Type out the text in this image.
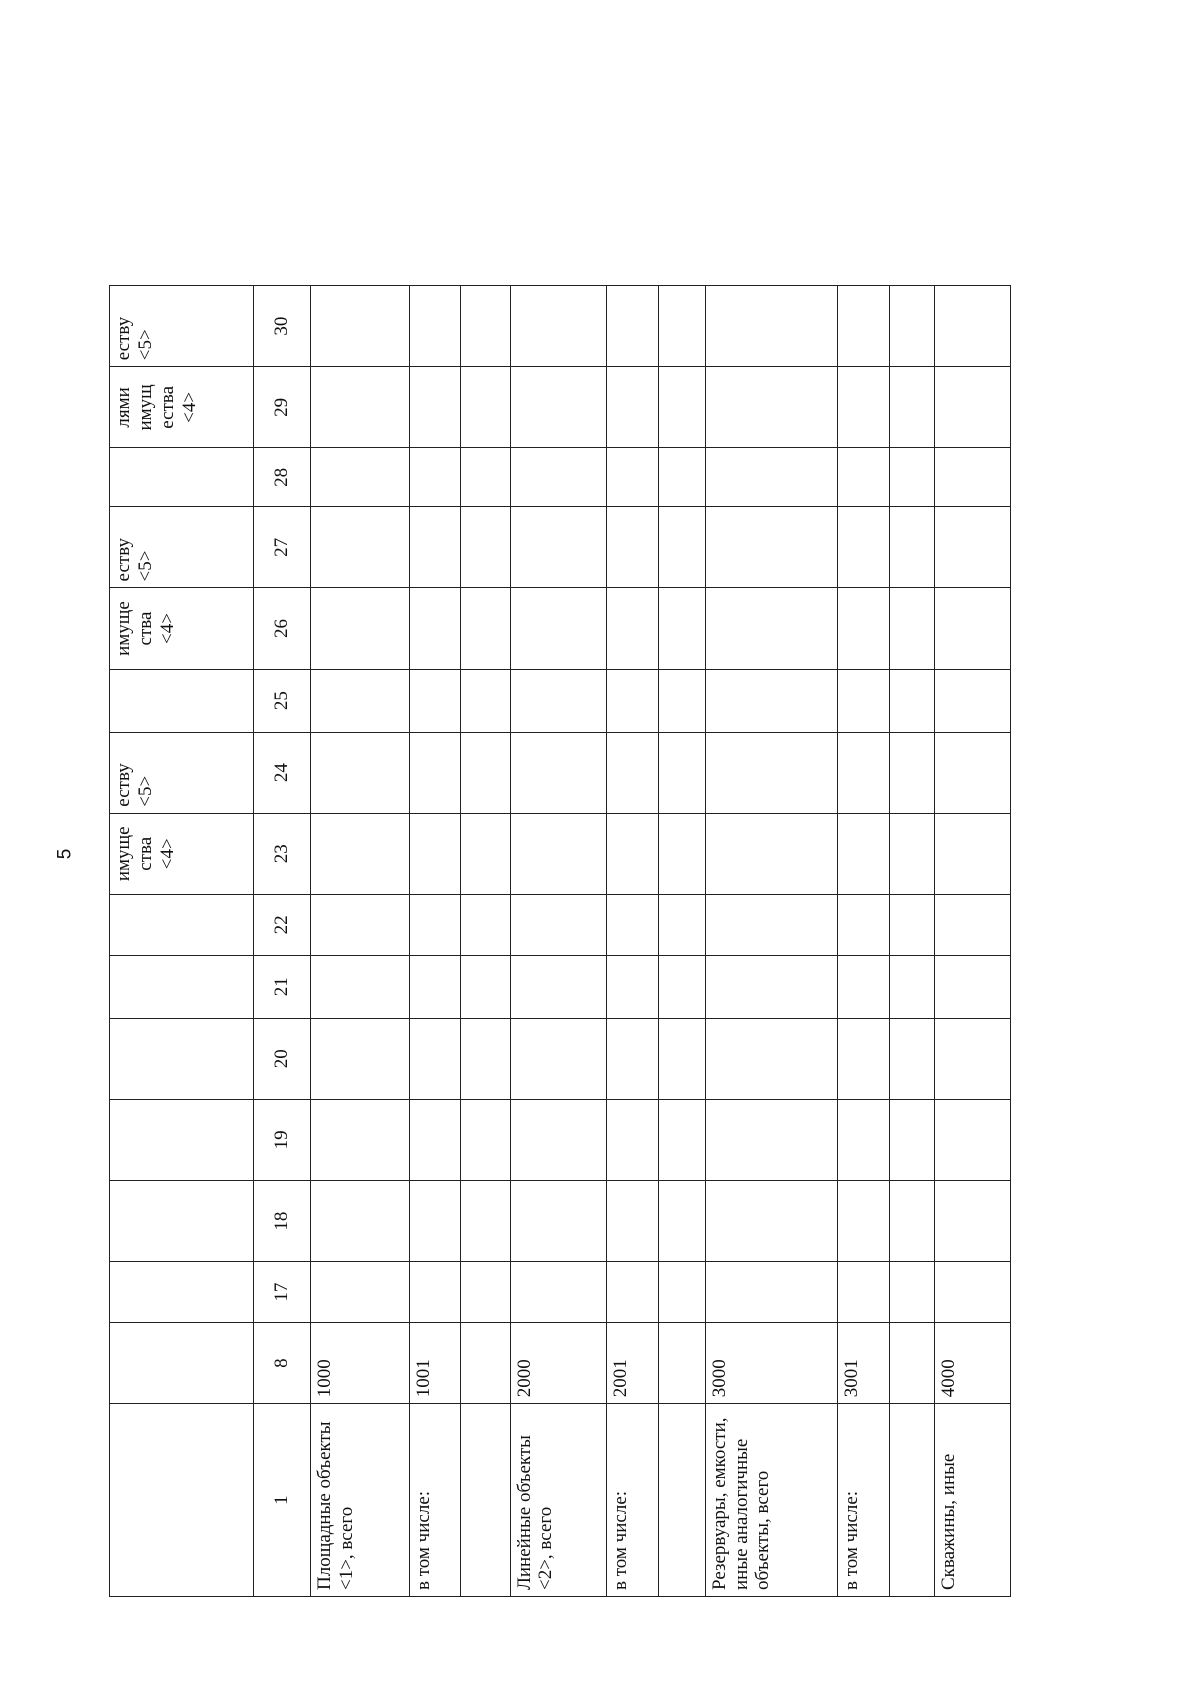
5
								имуще ства <4>	еству <5>		имуще ства <4>	еству <5>		лями имущ ества <4>	еству <5>
1	8	17	18	19	20	21	22	23	24	25	26	27	28	29	30

Площадные объекты <1>, всего	1000														

в том числе:	1001														

Линейные объекты <2>, всего	2000														

в том числе:	2001														

Резервуары, емкости, иные аналогичные объекты, всего	3000														

в том числе:	3001														

Скважины, иные	4000														
